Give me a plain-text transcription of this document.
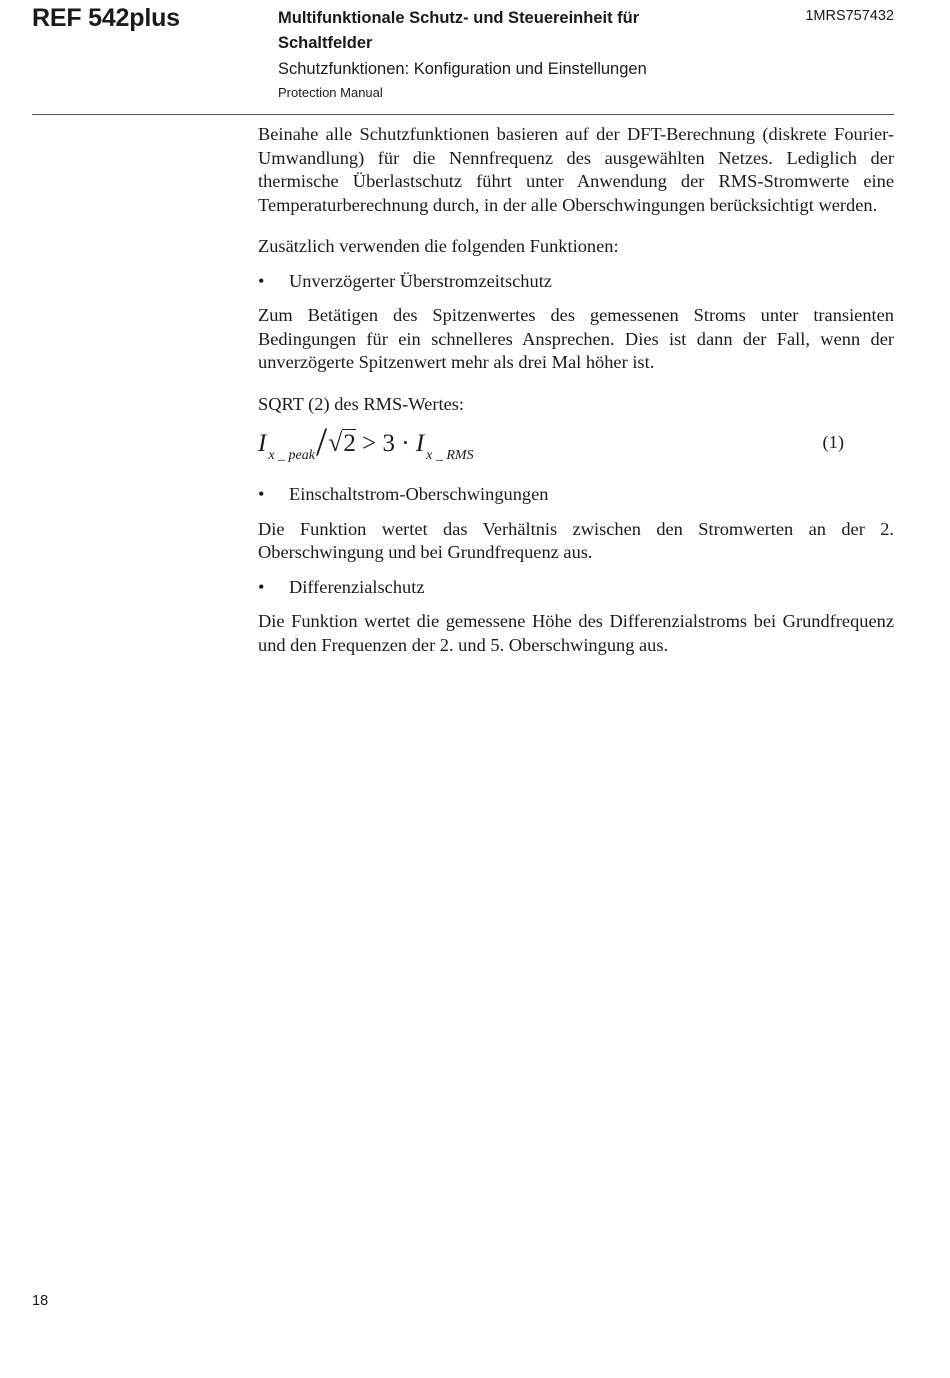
REF 542plus	Multifunktionale Schutz- und Steuereinheit für Schaltfelder
Schutzfunktionen: Konfiguration und Einstellungen
Protection Manual
1MRS757432

Beinahe alle Schutzfunktionen basieren auf der DFT-Berechnung (diskrete Fourier-Umwandlung) für die Nennfrequenz des ausgewählten Netzes. Lediglich der thermische Überlastschutz führt unter Anwendung der RMS-Stromwerte eine Temperaturberechnung durch, in der alle Oberschwingungen berücksichtigt werden.

Zusätzlich verwenden die folgenden Funktionen:

•	Unverzögerter Überstromzeitschutz

Zum Betätigen des Spitzenwertes des gemessenen Stroms unter transienten Bedingungen für ein schnelleres Ansprechen. Dies ist dann der Fall, wenn der unverzögerte Spitzenwert mehr als drei Mal höher ist.

SQRT (2) des RMS-Wertes:

I $_{x \_ peak}$/√2 > 3 · I $_{x \_ RMS}$
(1)
•	Einschaltstrom-Oberschwingungen

Die Funktion wertet das Verhältnis zwischen den Stromwerten an der 2. Oberschwingung und bei Grundfrequenz aus.

•	Differenzialschutz

Die Funktion wertet die gemessene Höhe des Differenzialstroms bei Grundfrequenz und den Frequenzen der 2. und 5. Oberschwingung aus.

18
